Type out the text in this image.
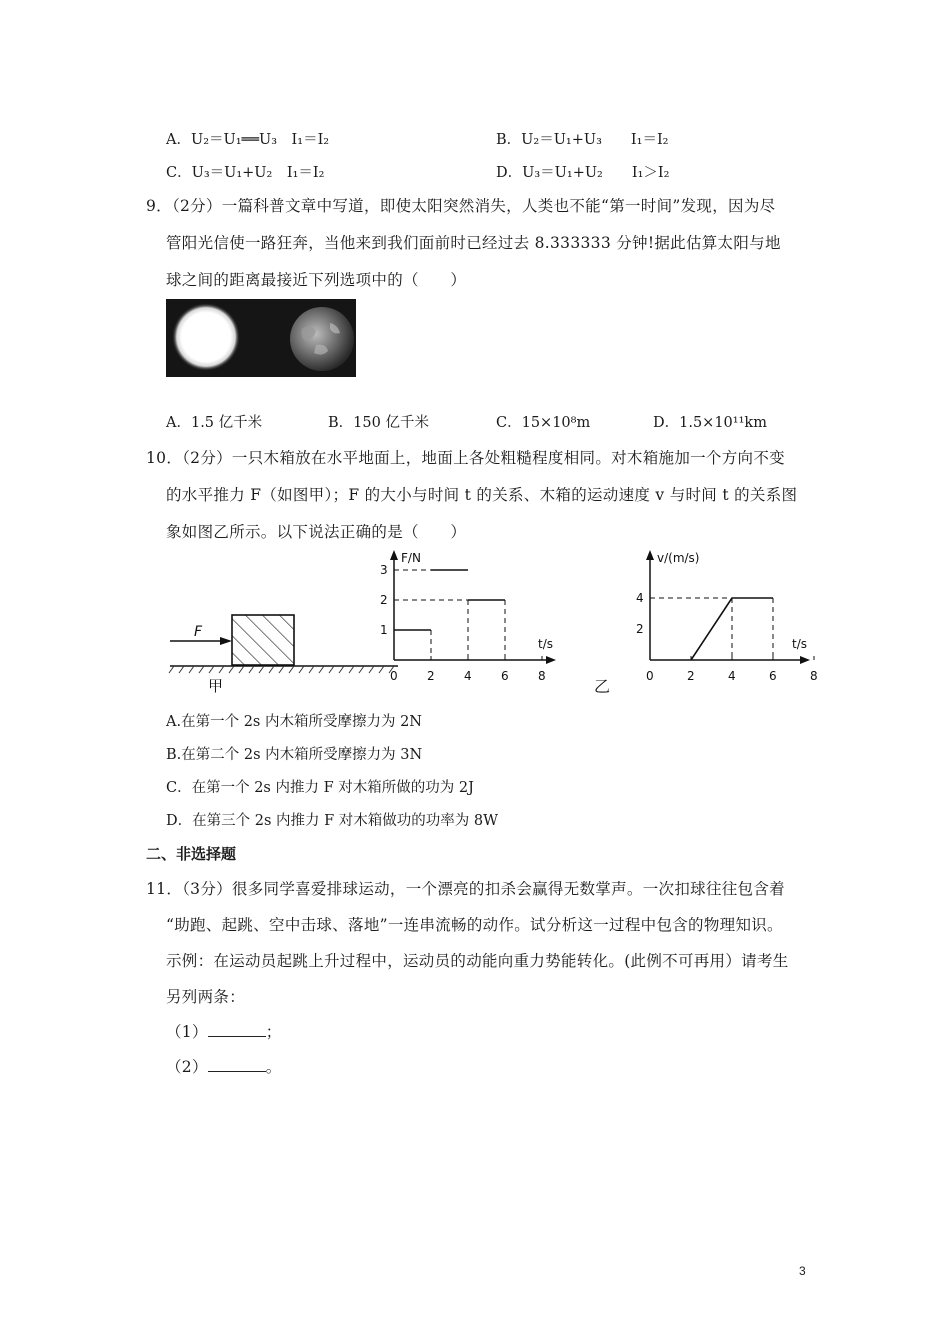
A．U₂＝U₁══U₃　I₁＝I₂	B．U₂＝U₁+U₃　　I₁＝I₂
C．U₃＝U₁+U₂　I₁＝I₂	D．U₃＝U₁+U₂　　I₁＞I₂
9．（2分）一篇科普文章中写道，即使太阳突然消失，人类也不能“第一时间”发现，因为尽
管阳光信使一路狂奔，当他来到我们面前时已经过去 8.333333 分钟!据此估算太阳与地
球之间的距离最接近下列选项中的（　　）
A．1.5 亿千米	B．150 亿千米	C．15×10⁸m	D．1.5×10¹¹km
10．（2分）一只木箱放在水平地面上，地面上各处粗糙程度相同。对木箱施加一个方向不变
的水平推力 F（如图甲）；F 的大小与时间 t 的关系、木箱的运动速度 v 与时间 t 的关系图
象如图乙所示。以下说法正确的是（　　）
F
甲
F/N
t/s
0 2 4 6 8
1
2
3
乙
v/(m/s)
t/s
0	2	4	6	8
2
4
A.在第一个 2s 内木箱所受摩擦力为 2N
B.在第二个 2s 内木箱所受摩擦力为 3N
C．在第一个 2s 内推力 F 对木箱所做的功为 2J
D．在第三个 2s 内推力 F 对木箱做功的功率为 8W
二、非选择题
11．（3分）很多同学喜爱排球运动，一个漂亮的扣杀会赢得无数掌声。一次扣球往往包含着
“助跑、起跳、空中击球、落地”一连串流畅的动作。试分析这一过程中包含的物理知识。
示例：在运动员起跳上升过程中，运动员的动能向重力势能转化。(此例不可再用）请考生
另列两条：
（1）	；
（2）	。
3
